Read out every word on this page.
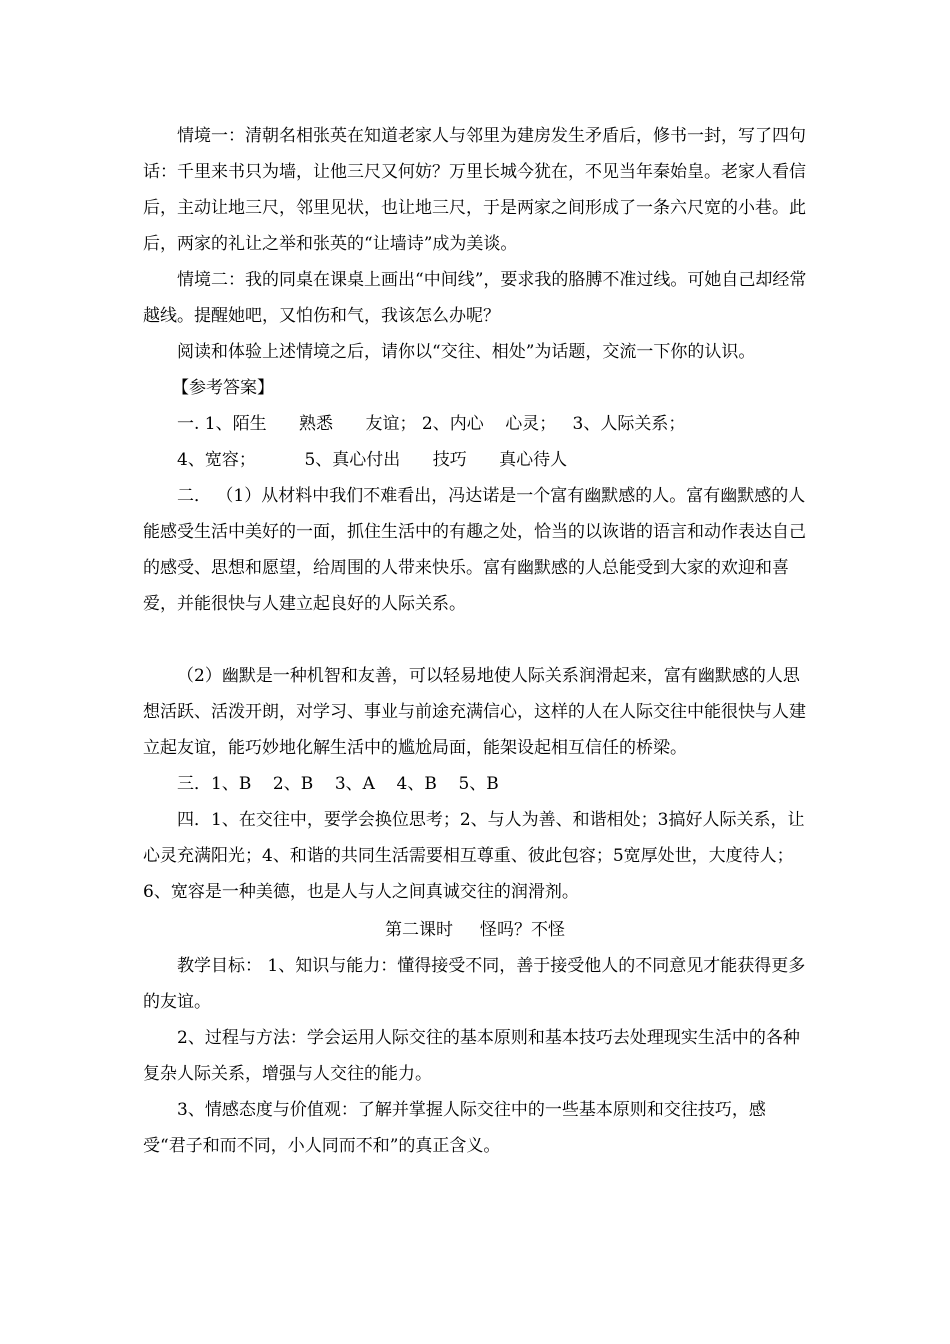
情境一：清朝名相张英在知道老家人与邻里为建房发生矛盾后，修书一封，写了四句话：千里来书只为墙，让他三尺又何妨？万里长城今犹在，不见当年秦始皇。老家人看信后，主动让地三尺，邻里见状，也让地三尺，于是两家之间形成了一条六尺宽的小巷。此后，两家的礼让之举和张英的“让墙诗”成为美谈。

情境二：我的同桌在课桌上画出“中间线”，要求我的胳膊不准过线。可她自己却经常越线。提醒她吧，又怕伤和气，我该怎么办呢？

阅读和体验上述情境之后，请你以“交往、相处”为话题，交流一下你的认识。

【参考答案】
一. 1、陌生      熟悉      友谊； 2、内心    心灵；   3、人际关系；
4、宽容；         5、真心付出      技巧      真心待人

二． （1）从材料中我们不难看出，冯达诺是一个富有幽默感的人。富有幽默感的人能感受生活中美好的一面，抓住生活中的有趣之处，恰当的以诙谐的语言和动作表达自己的感受、思想和愿望，给周围的人带来快乐。富有幽默感的人总能受到大家的欢迎和喜爱，并能很快与人建立起良好的人际关系。

（2）幽默是一种机智和友善，可以轻易地使人际关系润滑起来，富有幽默感的人思想活跃、活泼开朗，对学习、事业与前途充满信心，这样的人在人际交往中能很快与人建立起友谊，能巧妙地化解生活中的尴尬局面，能架设起相互信任的桥梁。

三．1、B    2、B    3、A    4、B    5、B

四．1、在交往中，要学会换位思考；2、与人为善、和谐相处；3搞好人际关系，让心灵充满阳光；4、和谐的共同生活需要相互尊重、彼此包容；5宽厚处世，大度待人；6、宽容是一种美德，也是人与人之间真诚交往的润滑剂。

第二课时     怪吗？不怪

教学目标： 1、知识与能力：懂得接受不同，善于接受他人的不同意见才能获得更多的友谊。

2、过程与方法：学会运用人际交往的基本原则和基本技巧去处理现实生活中的各种复杂人际关系，增强与人交往的能力。

3、情感态度与价值观：了解并掌握人际交往中的一些基本原则和交往技巧，感受“君子和而不同，小人同而不和”的真正含义。
